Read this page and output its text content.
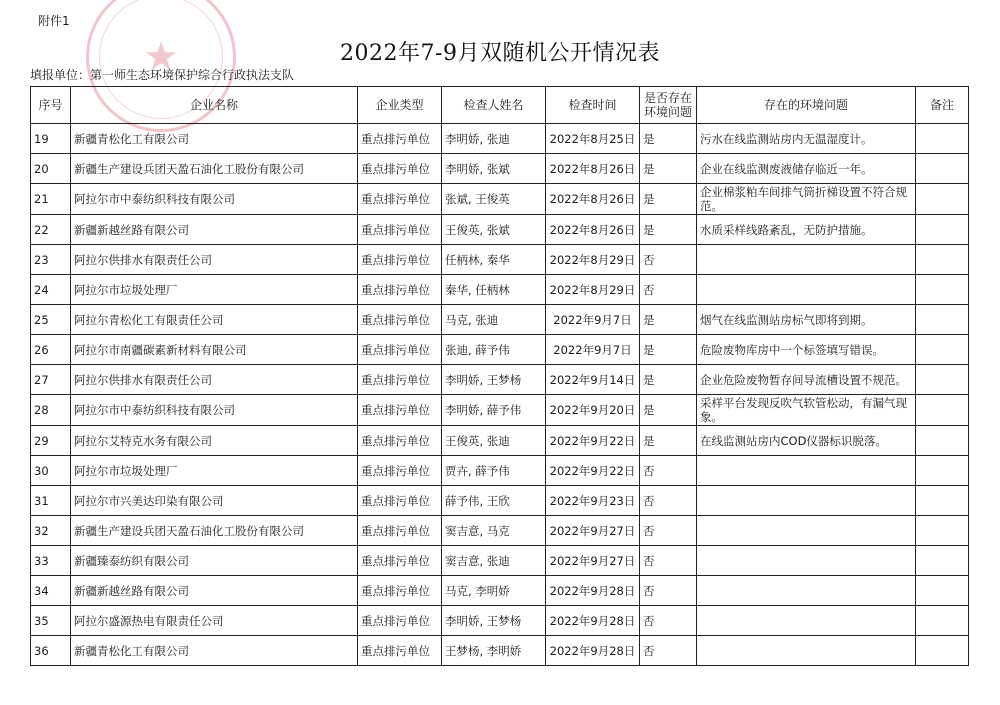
附件1
★	2022年7-9月双随机公开情况表
填报单位：第一师生态环境保护综合行政执法支队
序号	企业名称	企业类型	检查人姓名	检查时间	是否存在环境问题	存在的环境问题	备注
19	新疆青松化工有限公司	重点排污单位	李明娇, 张迪	2022年8月25日	是	污水在线监测站房内无温湿度计。	
20	新疆生产建设兵团天盈石油化工股份有限公司	重点排污单位	李明娇, 张斌	2022年8月26日	是	企业在线监测废液储存临近一年。	
21	阿拉尔市中泰纺织科技有限公司	重点排污单位	张斌, 王俊英	2022年8月26日	是	企业棉浆粕车间排气筒折梯设置不符合规范。	
22	新疆新越丝路有限公司	重点排污单位	王俊英, 张斌	2022年8月26日	是	水质采样线路紊乱，无防护措施。	
23	阿拉尔供排水有限责任公司	重点排污单位	任柄林, 秦华	2022年8月29日	否		
24	阿拉尔市垃圾处理厂	重点排污单位	秦华, 任柄林	2022年8月29日	否		
25	阿拉尔青松化工有限责任公司	重点排污单位	马克, 张迪	2022年9月7日	是	烟气在线监测站房标气即将到期。	
26	阿拉尔市南疆碳素新材料有限公司	重点排污单位	张迪, 薛予伟	2022年9月7日	是	危险废物库房中一个标签填写错误。	
27	阿拉尔供排水有限责任公司	重点排污单位	李明娇, 王梦杨	2022年9月14日	是	企业危险废物暂存间导流槽设置不规范。	
28	阿拉尔市中泰纺织科技有限公司	重点排污单位	李明娇, 薛予伟	2022年9月20日	是	采样平台发现反吹气软管松动，有漏气现象。	
29	阿拉尔艾特克水务有限公司	重点排污单位	王俊英, 张迪	2022年9月22日	是	在线监测站房内COD仪器标识脱落。	
30	阿拉尔市垃圾处理厂	重点排污单位	贾卉, 薛予伟	2022年9月22日	否		
31	阿拉尔市兴美达印染有限公司	重点排污单位	薛予伟, 王欣	2022年9月23日	否		
32	新疆生产建设兵团天盈石油化工股份有限公司	重点排污单位	窦吉意, 马克	2022年9月27日	否		
33	新疆臻泰纺织有限公司	重点排污单位	窦吉意, 张迪	2022年9月27日	否		
34	新疆新越丝路有限公司	重点排污单位	马克, 李明娇	2022年9月28日	否		
35	阿拉尔盛源热电有限责任公司	重点排污单位	李明娇, 王梦杨	2022年9月28日	否		
36	新疆青松化工有限公司	重点排污单位	王梦杨, 李明娇	2022年9月28日	否		
